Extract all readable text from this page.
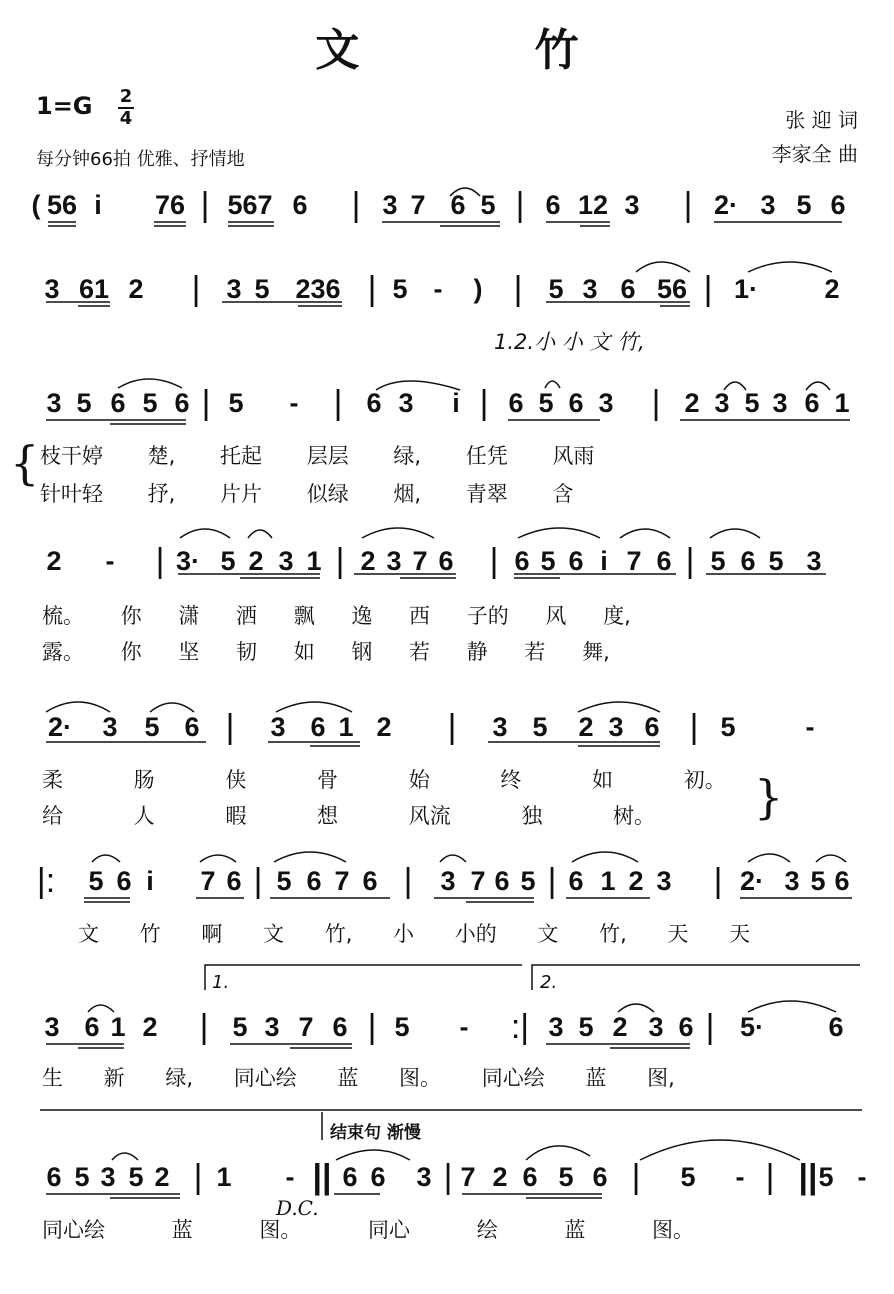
文 竹
1=G 2
4
每分钟66拍 优雅、抒情地
张 迎 词
李家全 曲
( 56 i 76 | 567 6 | 3 7 6 5 | 6 12 3 | 2· 3 5 6
3 61 2 | 3 5 236 | 5 - ) | 5 3 6 56 | 1· 2
3 5 6 5 6 | 5 - | 6 3 i | 6 5 6 3 | 2 3 5 3 6 1
2 - | 3· 5 2 3 1 | 2 3 7 6 | 6 5 6 i 7 6 | 5 6 5 3
2· 3 5 6 | 3 6 1 2 | 3 5 2 3 6 | 5	-
|: 5 6 i 7 6 | 5 6 7 6 | 3 7 6 5 | 6 1 2 3 | 2· 3 5 6
3 6 1 2 | 5 3 7 6 | 5 - :| 3 5 2 3 6 | 5· 6
6 5 3 5 2 | 1 - || 6 6 3 | 7 2 6 5 6 | 5 - | 5 -
||
1.2.小 小 文 竹,
{ 枝干婷 楚, 托起 层层 绿, 任凭 风雨
针叶轻 抒, 片片 似绿 烟, 青翠 含
梳。 你 潇 洒 飘 逸 西 子的 风 度,
露。 你 坚 韧 如 钢 若 静 若 舞,
柔 肠 侠 骨 始 终 如 初。
给 人 暇 想 风流 独 树。 }
文 竹 啊 文 竹, 小 小的 文 竹, 天 天
生 新 绿, 同心绘 蓝 图。 同心绘 蓝 图,
同心绘 蓝 图。 同心 绘 蓝 图。
1.	2.
结束句 渐慢
D.C.
